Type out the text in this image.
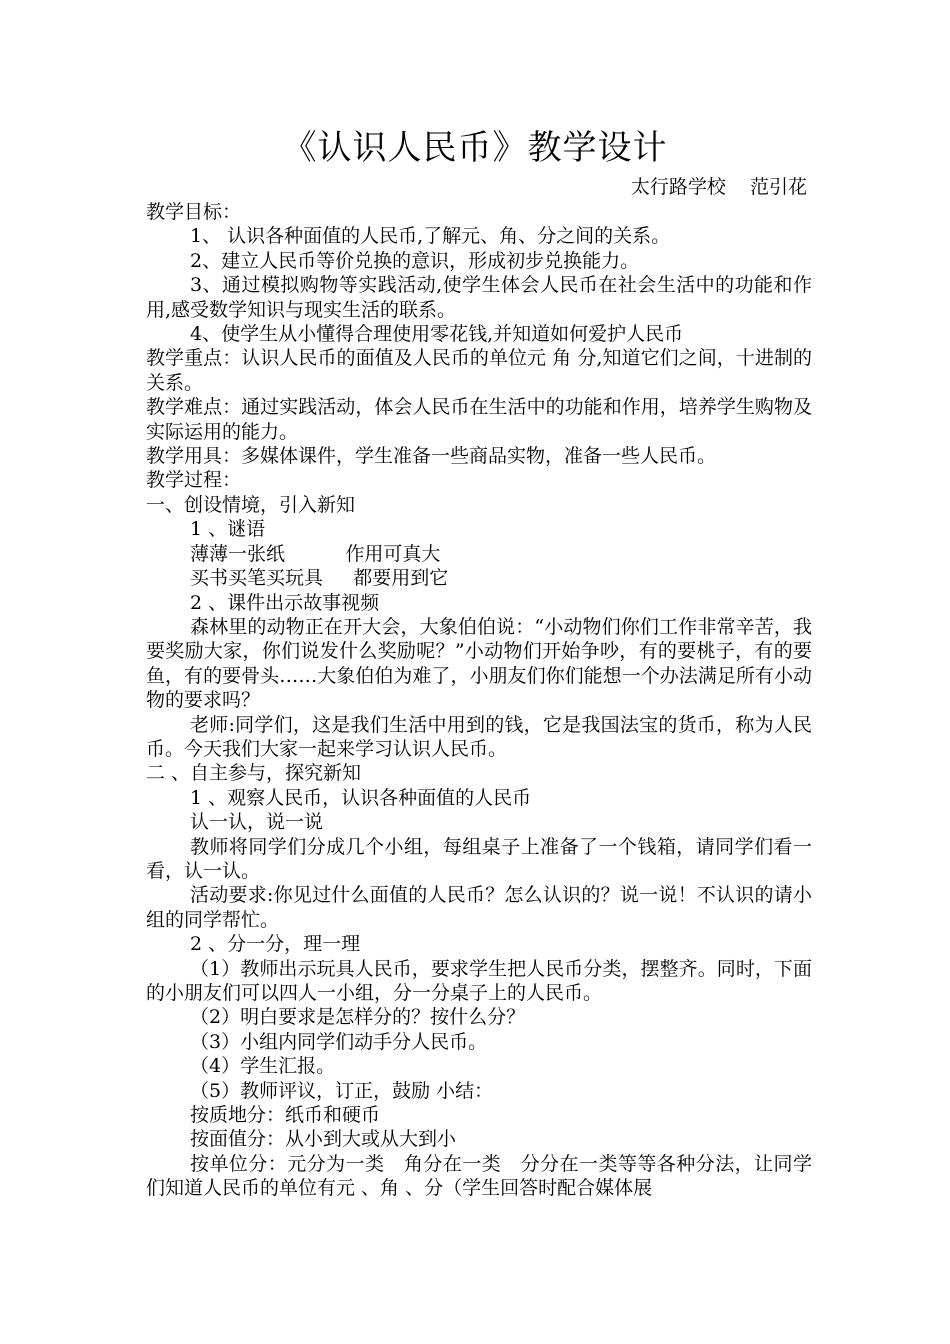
《认识人民币》教学设计
太行路学校    范引花

教学目标：

1、 认识各种面值的人民币,了解元、角、分之间的关系。

2、建立人民币等价兑换的意识，形成初步兑换能力。

3、通过模拟购物等实践活动,使学生体会人民币在社会生活中的功能和作用,感受数学知识与现实生活的联系。

4、使学生从小懂得合理使用零花钱,并知道如何爱护人民币

教学重点：认识人民币的面值及人民币的单位元 角 分,知道它们之间，十进制的关系。

教学难点：通过实践活动，体会人民币在生活中的功能和作用，培养学生购物及实际运用的能力。

教学用具：多媒体课件，学生准备一些商品实物，准备一些人民币。

教学过程：

一、创设情境，引入新知

1 、谜语

薄薄一张纸          作用可真大

买书买笔买玩具     都要用到它

2 、课件出示故事视频

森林里的动物正在开大会，大象伯伯说：“小动物们你们工作非常辛苦，我要奖励大家，你们说发什么奖励呢？”小动物们开始争吵，有的要桃子，有的要鱼，有的要骨头……大象伯伯为难了，小朋友们你们能想一个办法满足所有小动物的要求吗？

老师:同学们，这是我们生活中用到的钱，它是我国法宝的货币，称为人民币。今天我们大家一起来学习认识人民币。

二 、自主参与，探究新知

1 、观察人民币，认识各种面值的人民币

认一认，说一说

教师将同学们分成几个小组，每组桌子上准备了一个钱箱，请同学们看一看，认一认。

活动要求:你见过什么面值的人民币？怎么认识的？说一说！不认识的请小组的同学帮忙。

2 、分一分，理一理

（1）教师出示玩具人民币，要求学生把人民币分类，摆整齐。同时，下面的小朋友们可以四人一小组，分一分桌子上的人民币。

（2）明白要求是怎样分的？按什么分？

（3）小组内同学们动手分人民币。

（4）学生汇报。

（5）教师评议，订正，鼓励 小结：

按质地分：纸币和硬币

按面值分：从小到大或从大到小

按单位分：元分为一类   角分在一类   分分在一类等等各种分法，让同学们知道人民币的单位有元 、角 、分（学生回答时配合媒体展
